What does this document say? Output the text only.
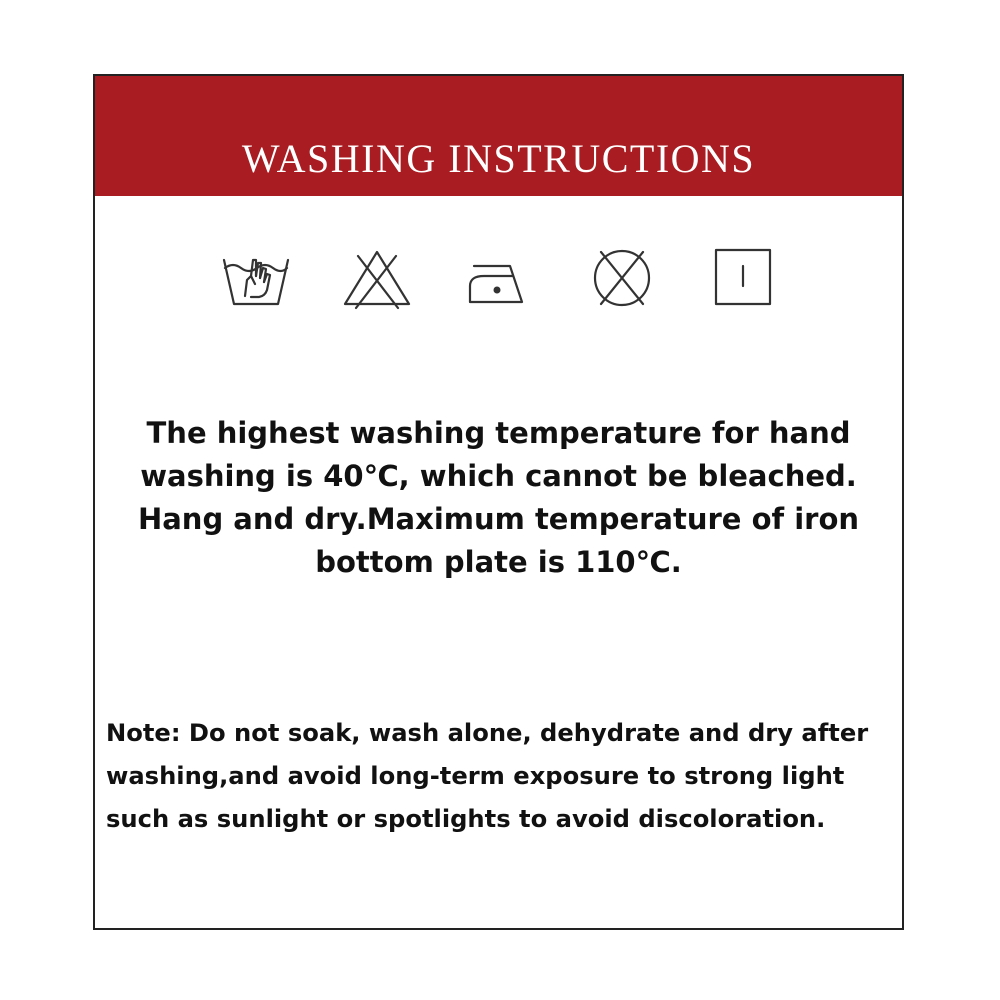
WASHING INSTRUCTIONS

The highest washing temperature for hand washing is 40℃, which cannot be bleached. Hang and dry.Maximum temperature of iron bottom plate is 110℃.

Note: Do not soak, wash alone, dehydrate and dry after washing,and avoid long-term exposure to strong light such as sunlight or spotlights to avoid discoloration.
